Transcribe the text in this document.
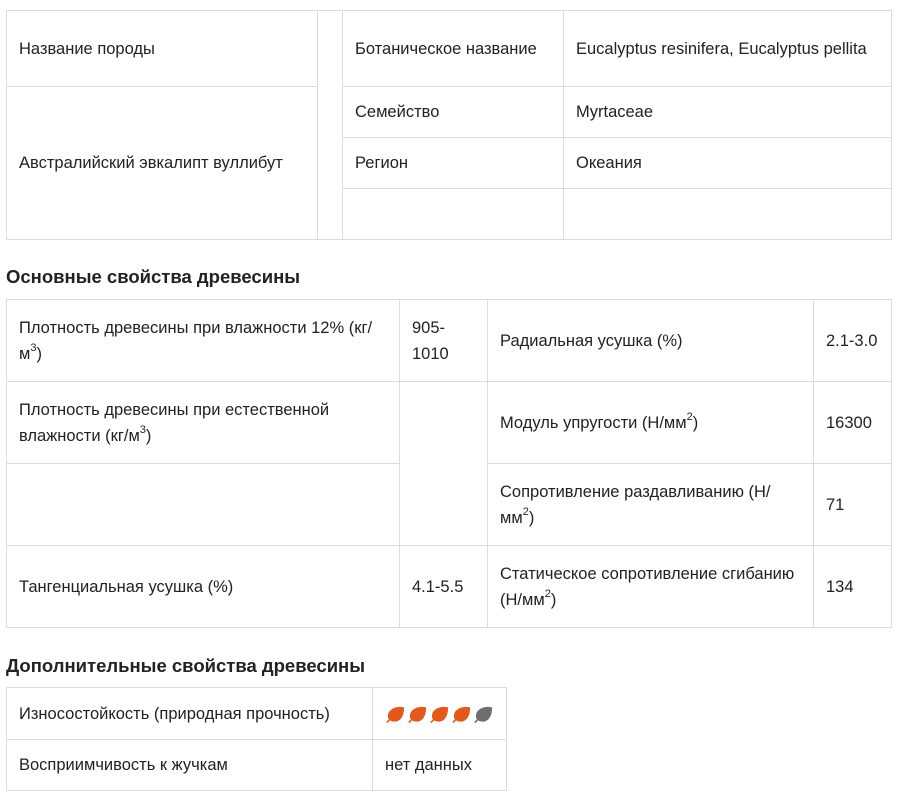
Название породы		Ботаническое название	Eucalyptus resinifera, Eucalyptus pellita
Австралийский эвкалипт вуллибут		Семейство	Myrtaceae
		Регион	Океания

Основные свойства древесины
Плотность древесины при влажности 12% $(кг/м^3)$	905-1010	Радиальная усушка (%)	2.1-3.0
Плотность древесины при естественной влажности $(кг/м^3)$		Модуль упругости $(Н/мм^2)$	16300
		Сопротивление раздавливанию $(Н/мм^2)$	71
Тангенциальная усушка (%)	4.1-5.5	Статическое сопротивление сгибанию $(Н/мм^2)$	134
Дополнительные свойства древесины
Износостойкость (природная прочность)	

Восприимчивость к жучкам	нет данных
